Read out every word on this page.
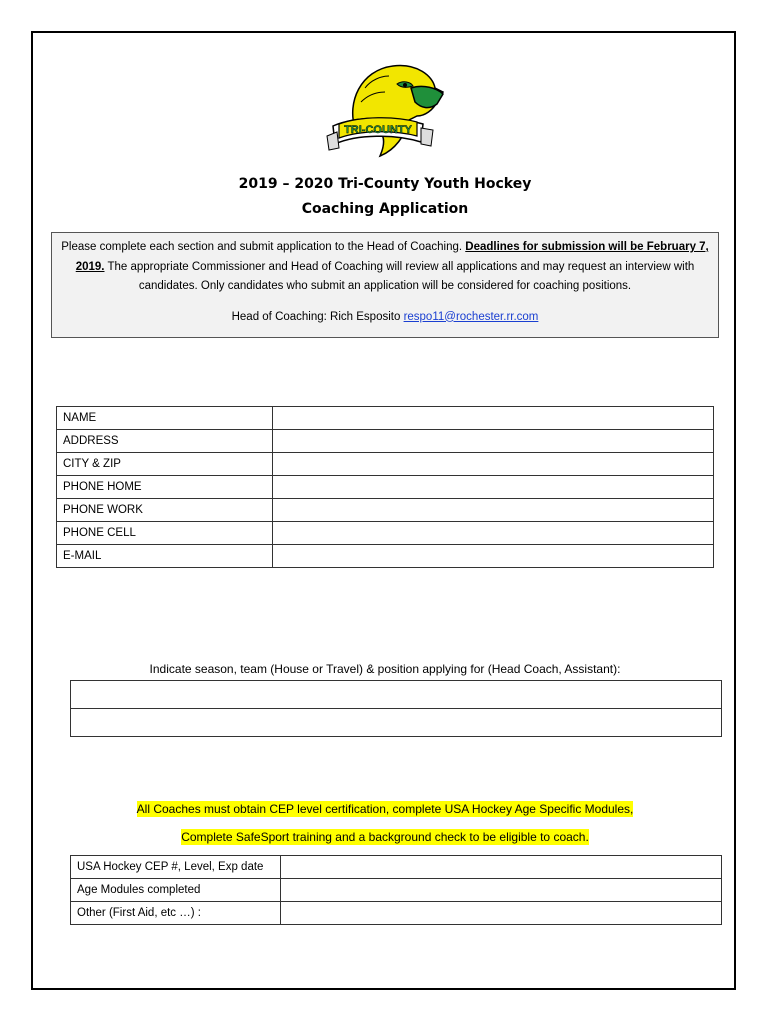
TRI-COUNTY
2019 – 2020 Tri-County Youth Hockey
Coaching Application
Please complete each section and submit application to the Head of Coaching. Deadlines for submission will be February 7, 2019. The appropriate Commissioner and Head of Coaching will review all applications and may request an interview with candidates. Only candidates who submit an application will be considered for coaching positions.
Head of Coaching: Rich Esposito respo11@rochester.rr.com
NAME	
ADDRESS	
CITY & ZIP	
PHONE HOME	
PHONE WORK	
PHONE CELL	
E-MAIL	
Indicate season, team (House or Travel) & position applying for (Head Coach, Assistant):

All Coaches must obtain CEP level certification, complete USA Hockey Age Specific Modules,
Complete SafeSport training and a background check to be eligible to coach.
USA Hockey CEP #, Level, Exp date	
Age Modules completed	
Other (First Aid, etc …) :	
